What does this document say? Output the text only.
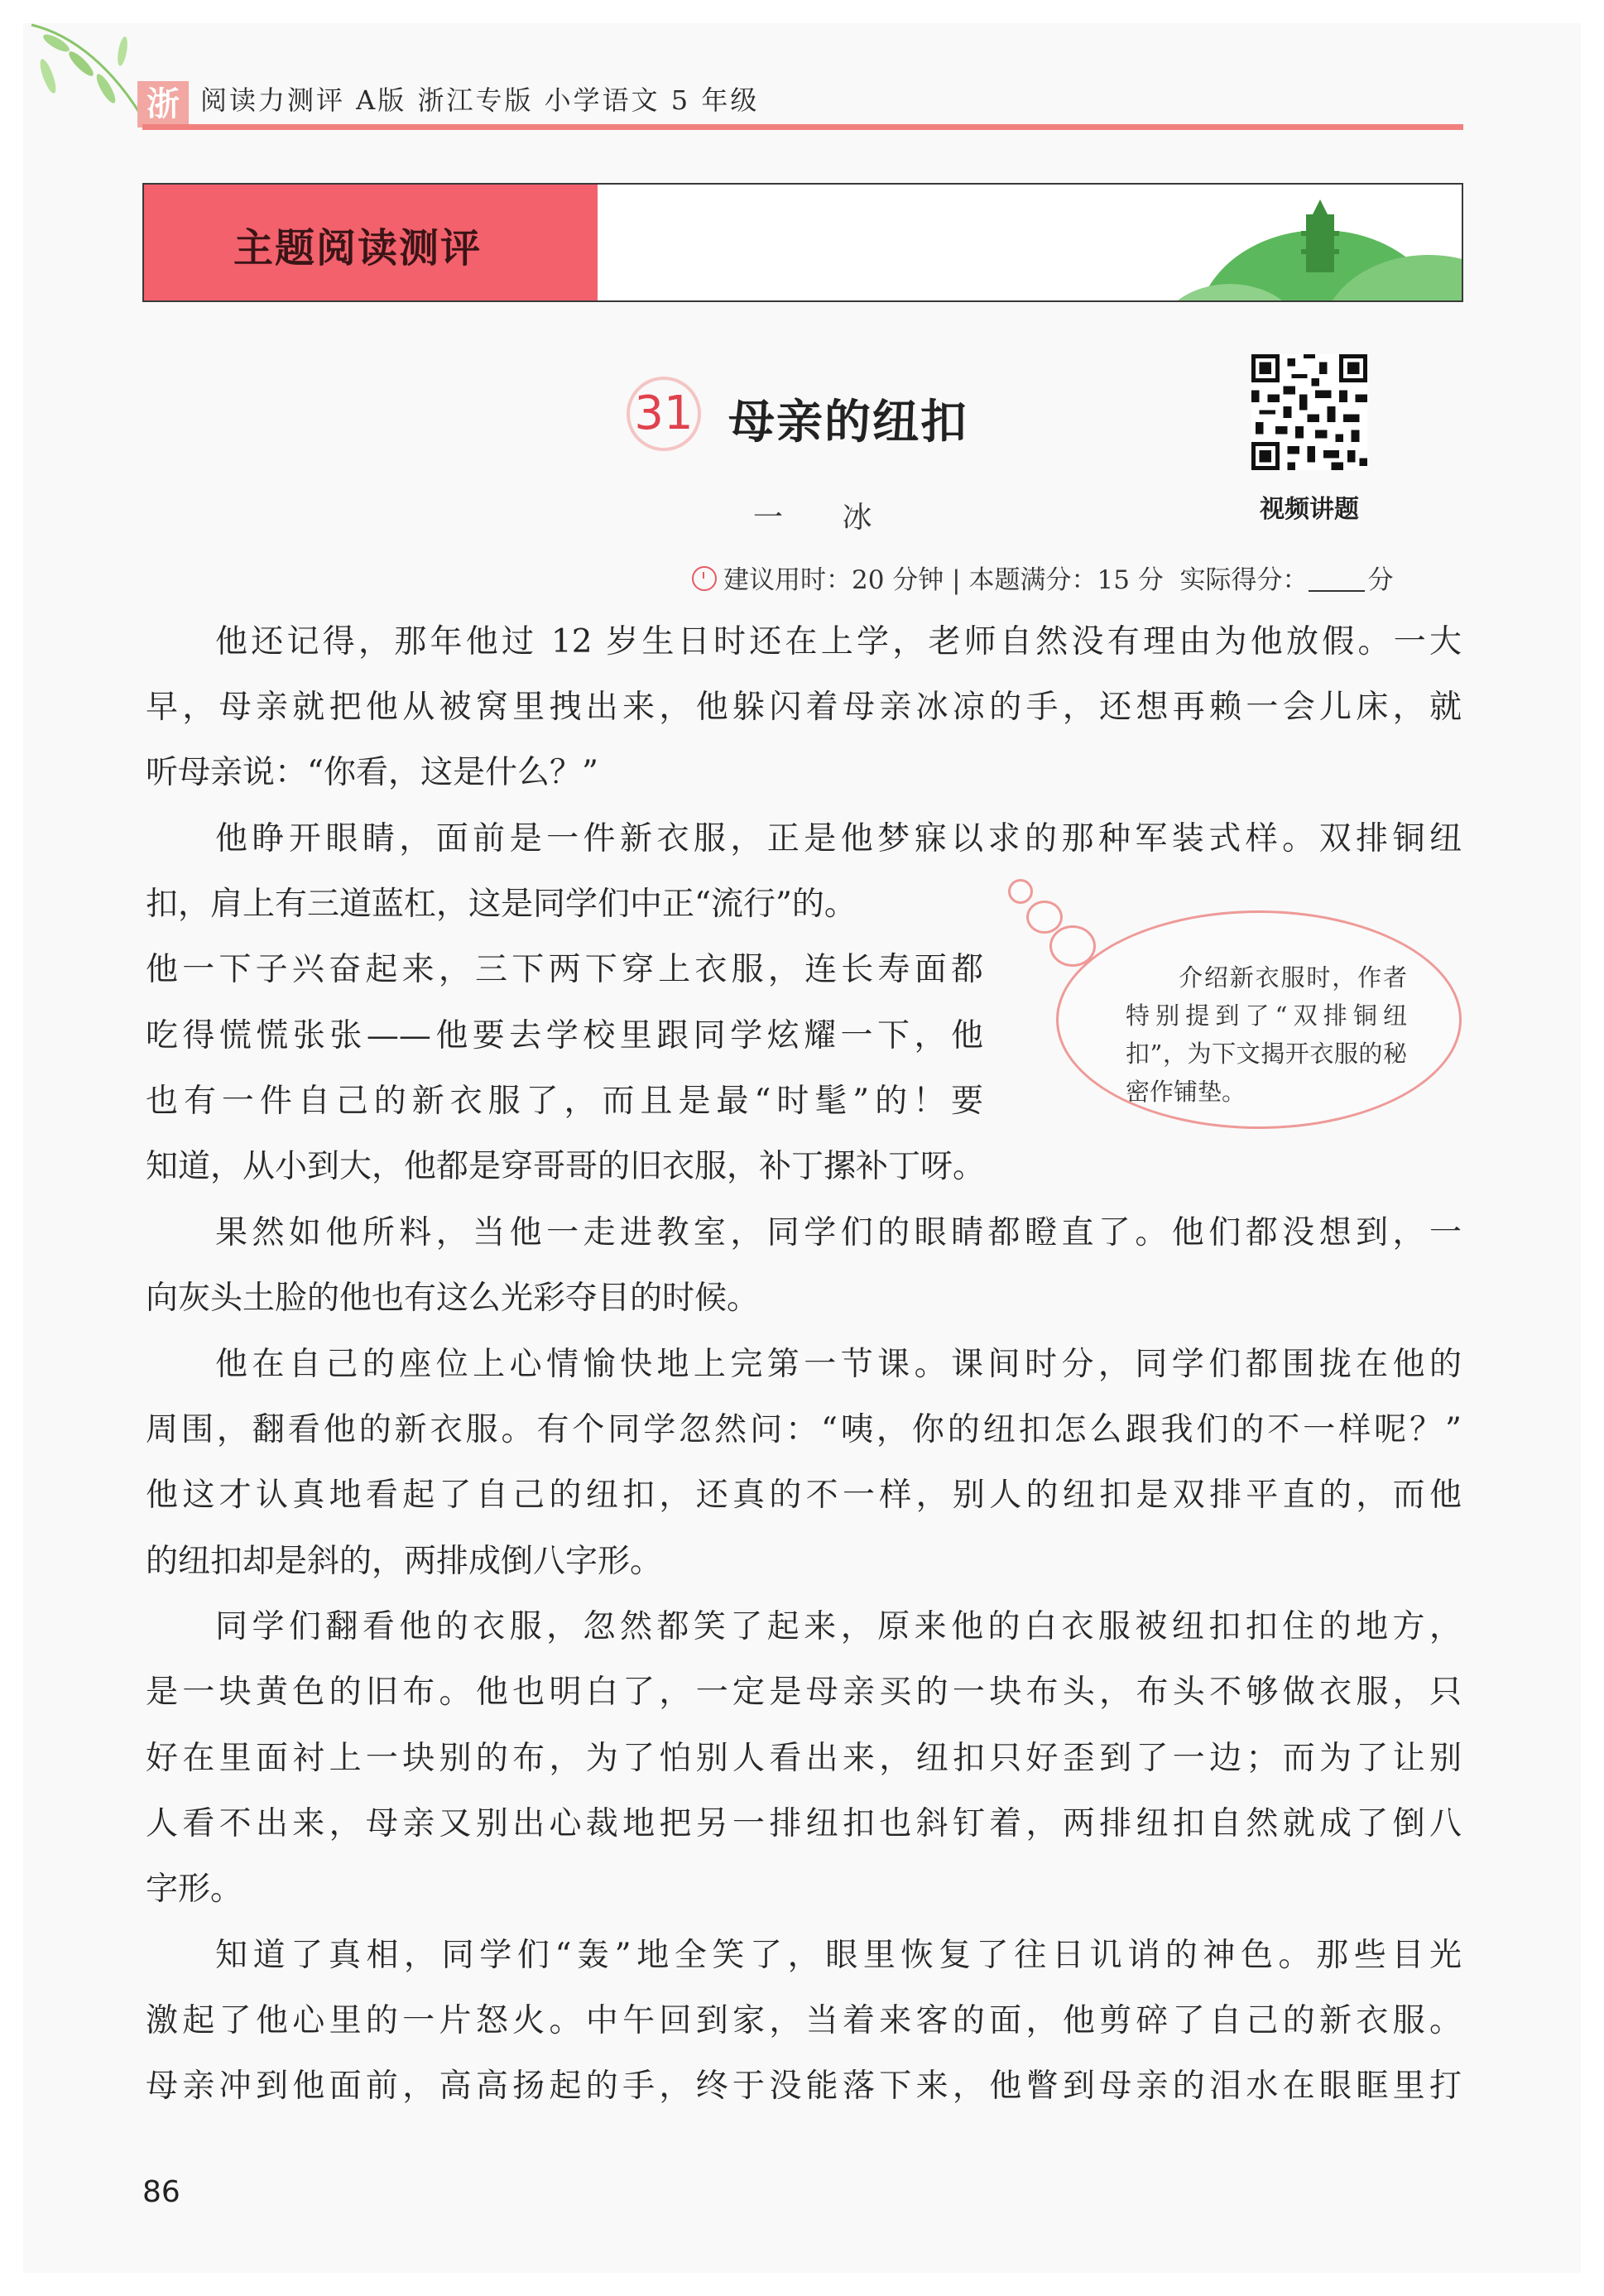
浙 阅读力测评 A版 浙江专版 小学语文 5 年级
主题阅读测评
31 母亲的纽扣
一 冰	视频讲题
建议用时：20 分钟 | 本题满分：15 分 实际得分： 分
介绍新衣服时，作者特别提到了“双排铜纽扣”，为下文揭开衣服的秘密作铺垫。
他还记得，那年他过 12 岁生日时还在上学，老师自然没有理由为他放假。一大
早，母亲就把他从被窝里拽出来，他躲闪着母亲冰凉的手，还想再赖一会儿床，就
听母亲说：“你看，这是什么？”
他睁开眼睛，面前是一件新衣服，正是他梦寐以求的那种军装式样。双排铜纽
扣，肩上有三道蓝杠，这是同学们中正“流行”的。
他一下子兴奋起来，三下两下穿上衣服，连长寿面都
吃得慌慌张张——他要去学校里跟同学炫耀一下，他
也有一件自己的新衣服了，而且是最“时髦”的！要
知道，从小到大，他都是穿哥哥的旧衣服，补丁摞补丁呀。
果然如他所料，当他一走进教室，同学们的眼睛都瞪直了。他们都没想到，一
向灰头土脸的他也有这么光彩夺目的时候。
他在自己的座位上心情愉快地上完第一节课。课间时分，同学们都围拢在他的
周围，翻看他的新衣服。有个同学忽然问：“咦，你的纽扣怎么跟我们的不一样呢？”
他这才认真地看起了自己的纽扣，还真的不一样，别人的纽扣是双排平直的，而他
的纽扣却是斜的，两排成倒八字形。
同学们翻看他的衣服，忽然都笑了起来，原来他的白衣服被纽扣扣住的地方，
是一块黄色的旧布。他也明白了，一定是母亲买的一块布头，布头不够做衣服，只
好在里面衬上一块别的布，为了怕别人看出来，纽扣只好歪到了一边；而为了让别
人看不出来，母亲又别出心裁地把另一排纽扣也斜钉着，两排纽扣自然就成了倒八
字形。
知道了真相，同学们“轰”地全笑了，眼里恢复了往日讥诮的神色。那些目光
激起了他心里的一片怒火。中午回到家，当着来客的面，他剪碎了自己的新衣服。
母亲冲到他面前，高高扬起的手，终于没能落下来，他瞥到母亲的泪水在眼眶里打
86
